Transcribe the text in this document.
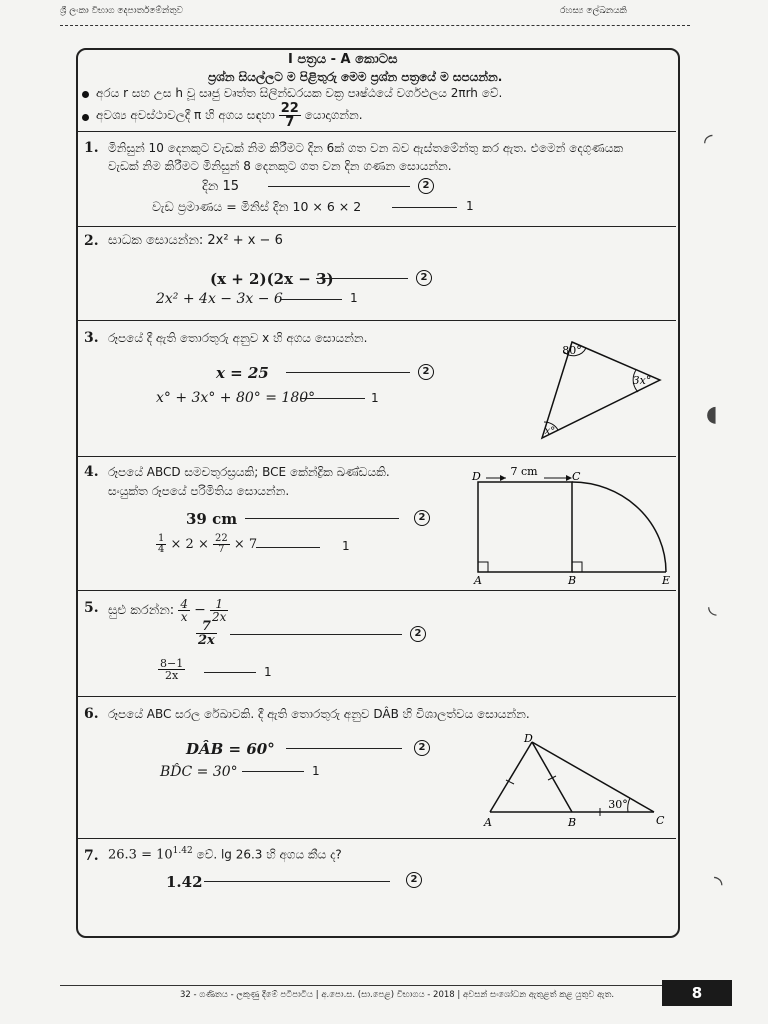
ශ්‍රී ලංකා විභාග දෙපාර්තමේන්තුව	රහස්‍ය ලේඛනයකි
I පත්‍රය - A කොටස
ප්‍රශ්න සියල්ලට ම පිළිතුරු මෙම ප්‍රශ්න පත්‍රයේ ම සපයන්න.
අරය r සහ උස h වූ සෘජු වෘත්ත සිලින්ඩරයක වක්‍ර පෘෂ්ඨයේ වර්ගඵලය 2πrh වේ.
අවශ්‍ය අවස්ථාවලදී π හි අගය සඳහා $\frac{22}{7}$ යොදාගන්න.
1. මිනිසුන් 10 දෙනකුට වැඩක් නිම කිරීමට දින 6ක් ගත වන බව ඇස්තමේන්තු කර ඇත. එමෙන් දෙගුණයක
වැඩක් නිම කිරීමට මිනිසුන් 8 දෙනකුට ගත වන දින ගණන සොයන්න.
දින 15	2
වැඩ ප්‍රමාණය = මිනිස් දින 10 × 6 × 2	1
2. සාධක සොයන්න: 2x² + x − 6
(x + 2)(2x − 3)	2
2x² + 4x − 3x − 6	1
3. රූපයේ දී ඇති තොරතුරු අනුව x හි අගය සොයන්න.
x = 25	2
x° + 3x° + 80° = 180°	1
80°
3x°
x°
4. රූපයේ ABCD සමචතුරස්‍රයකි; BCE කේන්ද්‍රික ඛණ්ඩයකි.
සංයුක්ත රූපයේ පරිමිතිය සොයන්න.
39 cm	2
$\frac{1}{4} \times 2 \times \frac{22}{7} \times 7$	1
7 cm
D	C
A	B	E
5. සුළු කරන්න: $\frac{4}{x} - \frac{1}{2x}$
$\frac{7}{2x}$	2
$\frac{8-1}{2x}$	1
6. රූපයේ ABC සරල රේඛාවකි. දී ඇති තොරතුරු අනුව DÂB හි විශාලත්වය සොයන්න.
DÂB = 60°	2
BD̂C = 30°	1
30°
D
A	B	C
7. $26.3 = 10^{1.42}$ වේ. lg 26.3 හි අගය කීය ද?
1.42	2
◜
◖
◟
◝
32 - ගණිතය - ලකුණු දීමේ පටිපාටිය | අ.පො.ස. (සා.පෙළ) විභාගය - 2018 | අවසන් සංශෝධන ඇතුළත් කළ යුතුව ඇත.	8
